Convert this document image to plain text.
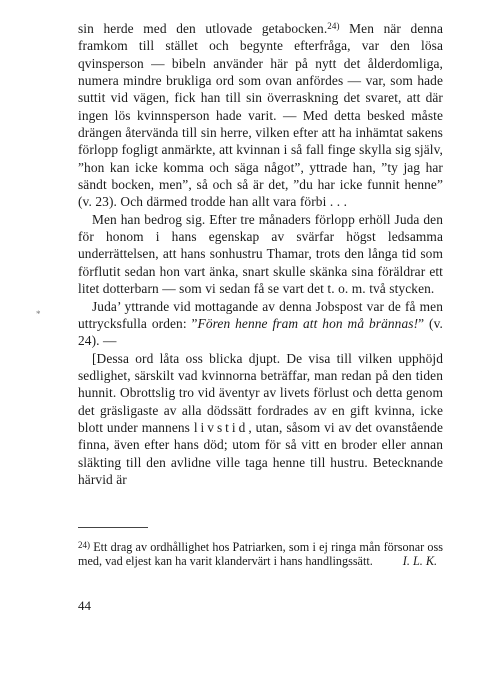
sin herde med den utlovade getabocken.$^{24)}$ Men när denna framkom till stället och begynte efterfråga, var den lösa qvinsperson — bibeln använder här på nytt det ålderdomliga, numera mindre brukliga ord som ovan anfördes — var, som hade suttit vid vägen, fick han till sin överraskning det svaret, att där ingen lös kvinnsperson hade varit. — Med detta besked måste drängen återvända till sin herre, vilken efter att ha inhämtat sakens förlopp fogligt anmärkte, att kvinnan i så fall finge skylla sig själv, ”hon kan icke komma och säga något”, yttrade han, ”ty jag har sändt bocken, men”, så och så är det, ”du har icke funnit henne” (v. 23). Och därmed trodde han allt vara förbi . . .

Men han bedrog sig. Efter tre månaders förlopp erhöll Juda den för honom i hans egenskap av svärfar högst ledsamma underrättelsen, att hans sonhustru Thamar, trots den långa tid som förflutit sedan hon vart änka, snart skulle skänka sina föräldrar ett litet dotterbarn — som vi sedan få se vart det t. o. m. två stycken.

Juda’ yttrande vid mottagande av denna Jobspost var de få men uttrycksfulla orden: ”Fören henne fram att hon må brännas!” (v. 24). —

[Dessa ord låta oss blicka djupt. De visa till vilken upphöjd sedlighet, särskilt vad kvinnorna beträffar, man redan på den tiden hunnit. Obrottslig tro vid äventyr av livets förlust och detta genom det gräsligaste av alla dödssätt fordrades av en gift kvinna, icke blott under mannens livstid, utan, såsom vi av det ovanstående finna, även efter hans död; utom för så vitt en broder eller annan släkting till den avlidne ville taga henne till hustru. Betecknande härvid är

*
$^{24)}$ Ett drag av ordhållighet hos Patriarken, som i ej ringa mån försonar oss med, vad eljest kan ha varit klandervärt i hans handlingssätt. I. L. K.
44
